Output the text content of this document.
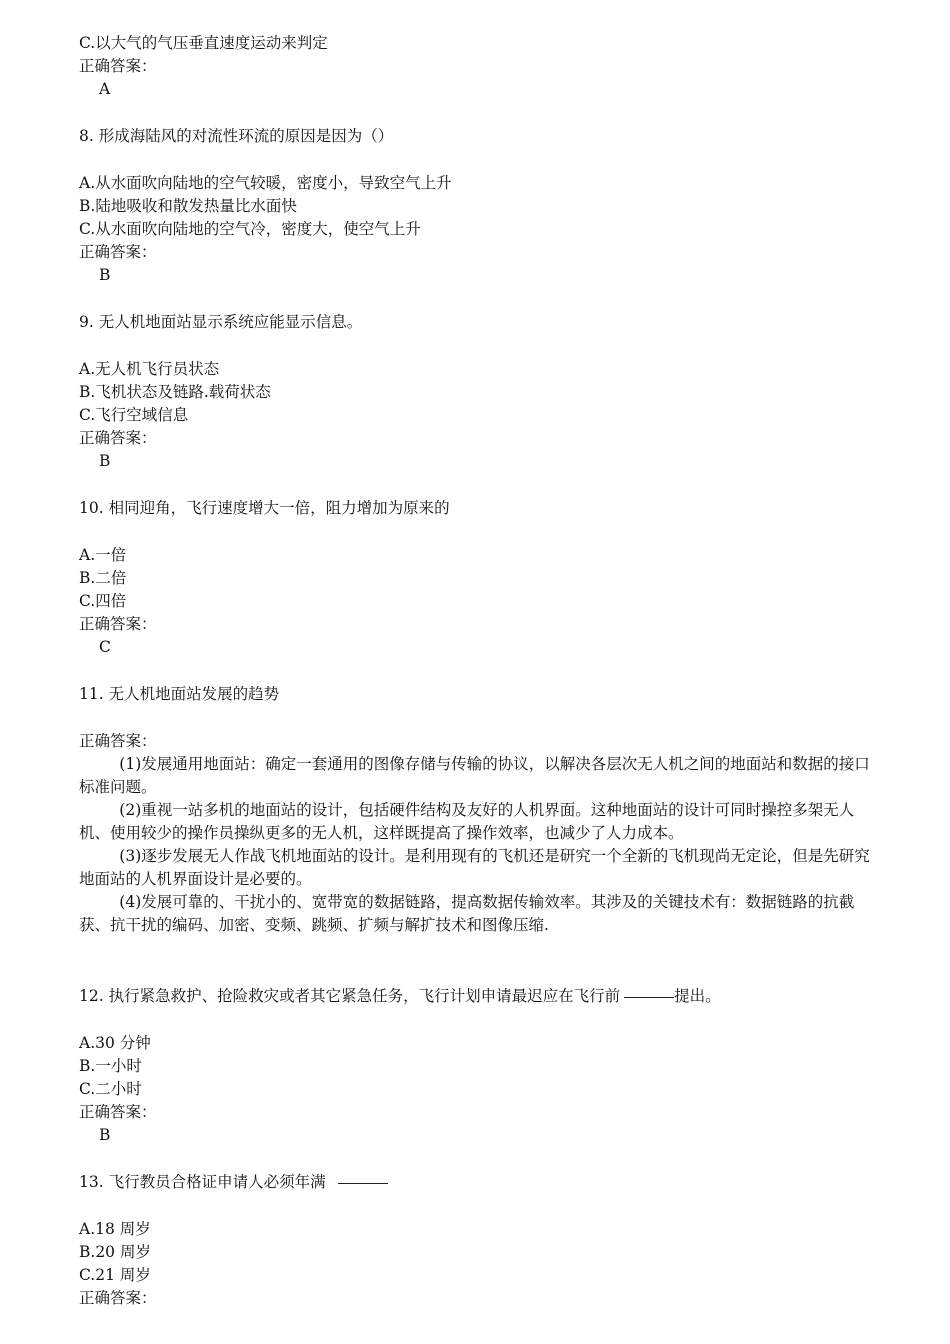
C.以大气的气压垂直速度运动来判定
正确答案：
A
8. 形成海陆风的对流性环流的原因是因为（）
A.从水面吹向陆地的空气较暖，密度小，导致空气上升
B.陆地吸收和散发热量比水面快
C.从水面吹向陆地的空气冷，密度大，使空气上升
正确答案：
B
9. 无人机地面站显示系统应能显示信息。
A.无人机飞行员状态
B.飞机状态及链路.载荷状态
C.飞行空域信息
正确答案：
B
10. 相同迎角，飞行速度增大一倍，阻力增加为原来的
A.一倍
B.二倍
C.四倍
正确答案：
C
11. 无人机地面站发展的趋势
正确答案：
(1)发展通用地面站：确定一套通用的图像存储与传输的协议，以解决各层次无人机之间的地面站和数据的接口标准问题。
(2)重视一站多机的地面站的设计，包括硬件结构及友好的人机界面。这种地面站的设计可同时操控多架无人机、使用较少的操作员操纵更多的无人机，这样既提高了操作效率，也减少了人力成本。
(3)逐步发展无人作战飞机地面站的设计。是利用现有的飞机还是研究一个全新的飞机现尚无定论，但是先研究地面站的人机界面设计是必要的。
(4)发展可靠的、干扰小的、宽带宽的数据链路，提高数据传输效率。其涉及的关键技术有：数据链路的抗截获、抗干扰的编码、加密、变频、跳频、扩频与解扩技术和图像压缩.
12. 执行紧急救护、抢险救灾或者其它紧急任务，飞行计划申请最迟应在飞行前	提出。
A.30 分钟
B.一小时
C.二小时
正确答案：
B
13. 飞行教员合格证申请人必须年满
A.18 周岁
B.20 周岁
C.21 周岁
正确答案：
